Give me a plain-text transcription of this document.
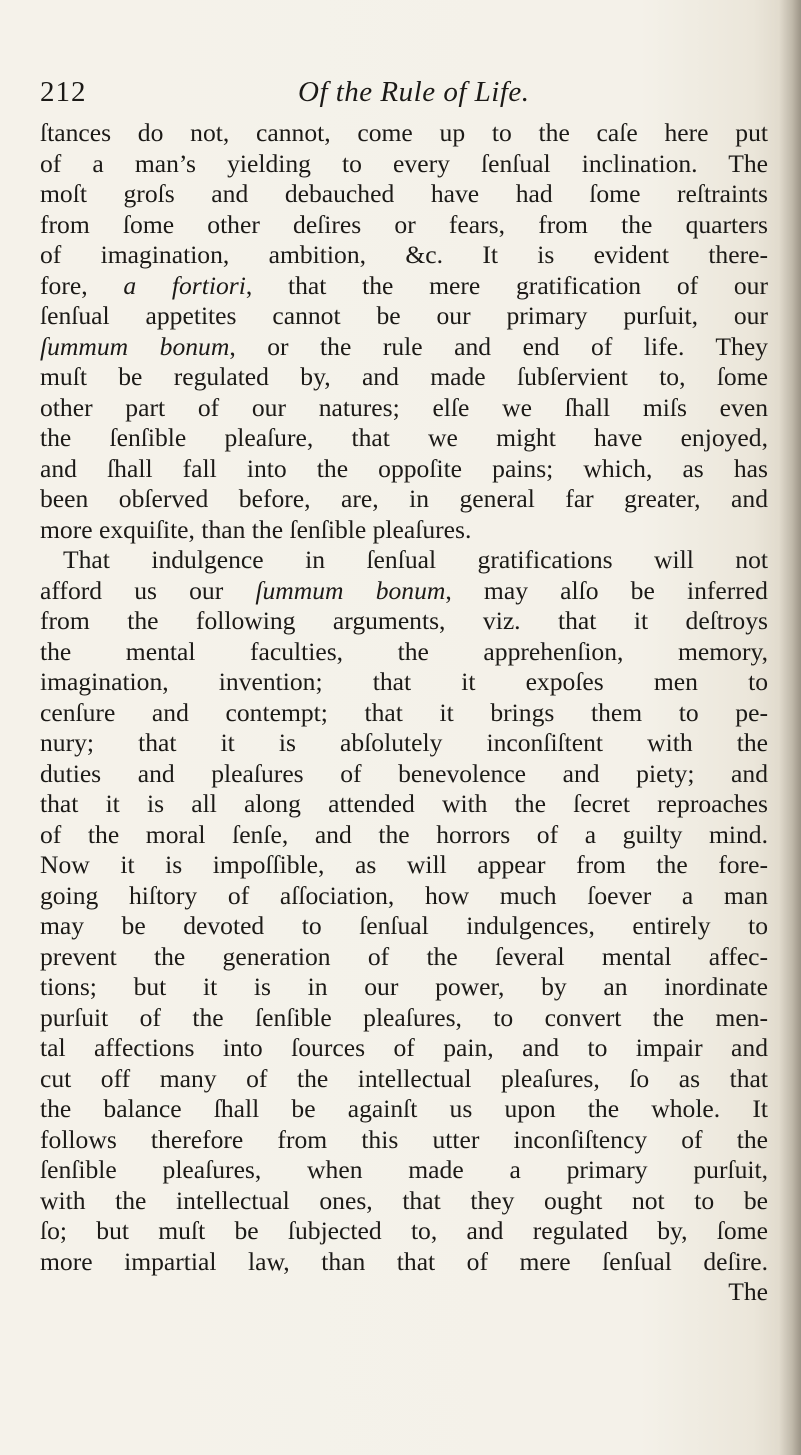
212	Of the Rule of Life.
ſtances do not, cannot, come up to the caſe here put
of a man’s yielding to every ſenſual inclination. The
moſt groſs and debauched have had ſome reſtraints
from ſome other deſires or fears, from the quarters
of imagination, ambition, &c. It is evident there-
fore, a fortiori, that the mere gratification of our
ſenſual appetites cannot be our primary purſuit, our
ſummum bonum, or the rule and end of life. They
muſt be regulated by, and made ſubſervient to, ſome
other part of our natures; elſe we ſhall miſs even
the ſenſible pleaſure, that we might have enjoyed,
and ſhall fall into the oppoſite pains; which, as has
been obſerved before, are, in general far greater, and
more exquiſite, than the ſenſible pleaſures.
That indulgence in ſenſual gratifications will not
afford us our ſummum bonum, may alſo be inferred
from the following arguments, viz. that it deſtroys
the mental faculties, the apprehenſion, memory,
imagination, invention; that it expoſes men to
cenſure and contempt; that it brings them to pe-
nury; that it is abſolutely inconſiſtent with the
duties and pleaſures of benevolence and piety; and
that it is all along attended with the ſecret reproaches
of the moral ſenſe, and the horrors of a guilty mind.
Now it is impoſſible, as will appear from the fore-
going hiſtory of aſſociation, how much ſoever a man
may be devoted to ſenſual indulgences, entirely to
prevent the generation of the ſeveral mental affec-
tions; but it is in our power, by an inordinate
purſuit of the ſenſible pleaſures, to convert the men-
tal affections into ſources of pain, and to impair and
cut off many of the intellectual pleaſures, ſo as that
the balance ſhall be againſt us upon the whole. It
follows therefore from this utter inconſiſtency of the
ſenſible pleaſures, when made a primary purſuit,
with the intellectual ones, that they ought not to be
ſo; but muſt be ſubjected to, and regulated by, ſome
more impartial law, than that of mere ſenſual deſire.
The
